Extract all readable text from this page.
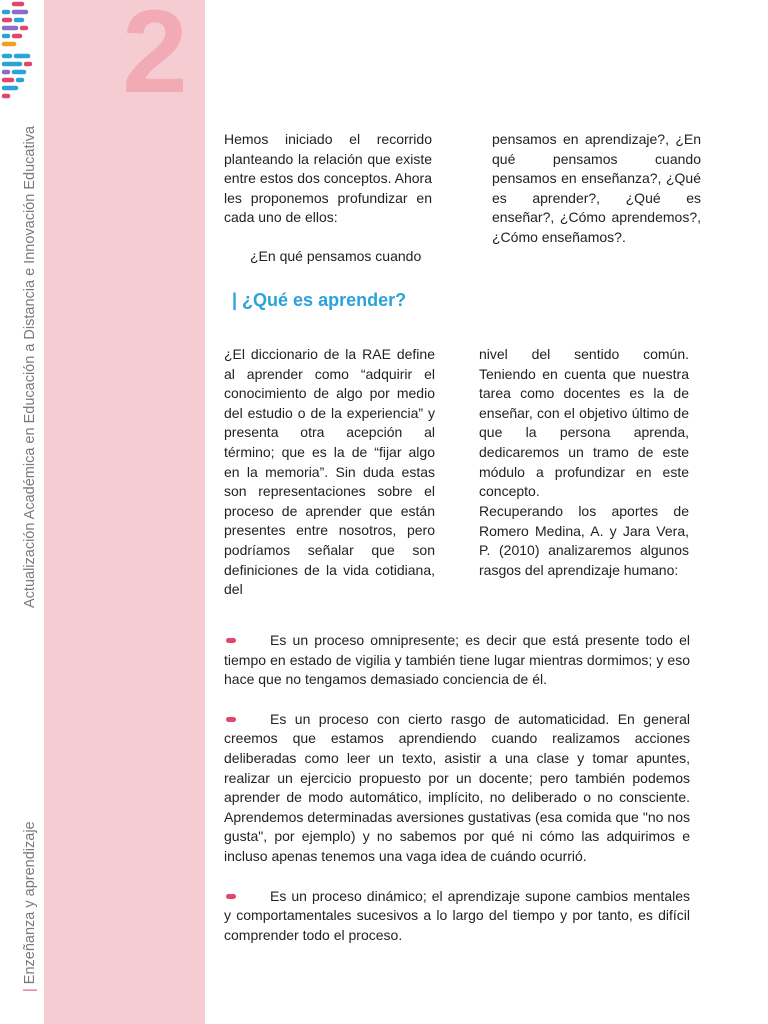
2
Actualización Académica en Educación a Distancia e Innovación Educativa
|Enzeñanza y aprendizaje

Hemos iniciado el recorrido planteando la relación que existe entre estos dos conceptos. Ahora les proponemos profundizar en cada uno de ellos:

¿En qué pensamos cuando

pensamos en aprendizaje?, ¿En qué pensamos cuando pensamos en enseñanza?, ¿Qué es aprender?, ¿Qué es enseñar?, ¿Cómo aprendemos?, ¿Cómo enseñamos?.

| ¿Qué es aprender?

¿El diccionario de la RAE define al aprender como “adquirir el conocimiento de algo por medio del estudio o de la experiencia” y presenta otra acepción al término; que es la de “fijar algo en la memoria”. Sin duda estas son representaciones sobre el proceso de aprender que están presentes entre nosotros, pero podríamos señalar que son definiciones de la vida cotidiana, del

nivel del sentido común. Teniendo en cuenta que nuestra tarea como docentes es la de enseñar, con el objetivo último de que la persona aprenda, dedicaremos un tramo de este módulo a profundizar en este concepto.

Recuperando los aportes de Romero Medina, A. y Jara Vera, P. (2010) analizaremos algunos rasgos del aprendizaje humano:

Es un proceso omnipresente; es decir que está presente todo el tiempo en estado de vigilia y también tiene lugar mientras dormimos; y eso hace que no tengamos demasiado conciencia de él.
Es un proceso con cierto rasgo de automaticidad. En general creemos que estamos aprendiendo cuando realizamos acciones deliberadas como leer un texto, asistir a una clase y tomar apuntes, realizar un ejercicio propuesto por un docente; pero también podemos aprender de modo automático, implícito, no deliberado o no consciente. Aprendemos determinadas aversiones gustativas (esa comida que "no nos gusta", por ejemplo) y no sabemos por qué ni cómo las adquirimos e incluso apenas tenemos una vaga idea de cuándo ocurrió.
Es un proceso dinámico; el aprendizaje supone cambios mentales y comportamentales sucesivos a lo largo del tiempo y por tanto, es difícil comprender todo el proceso.
